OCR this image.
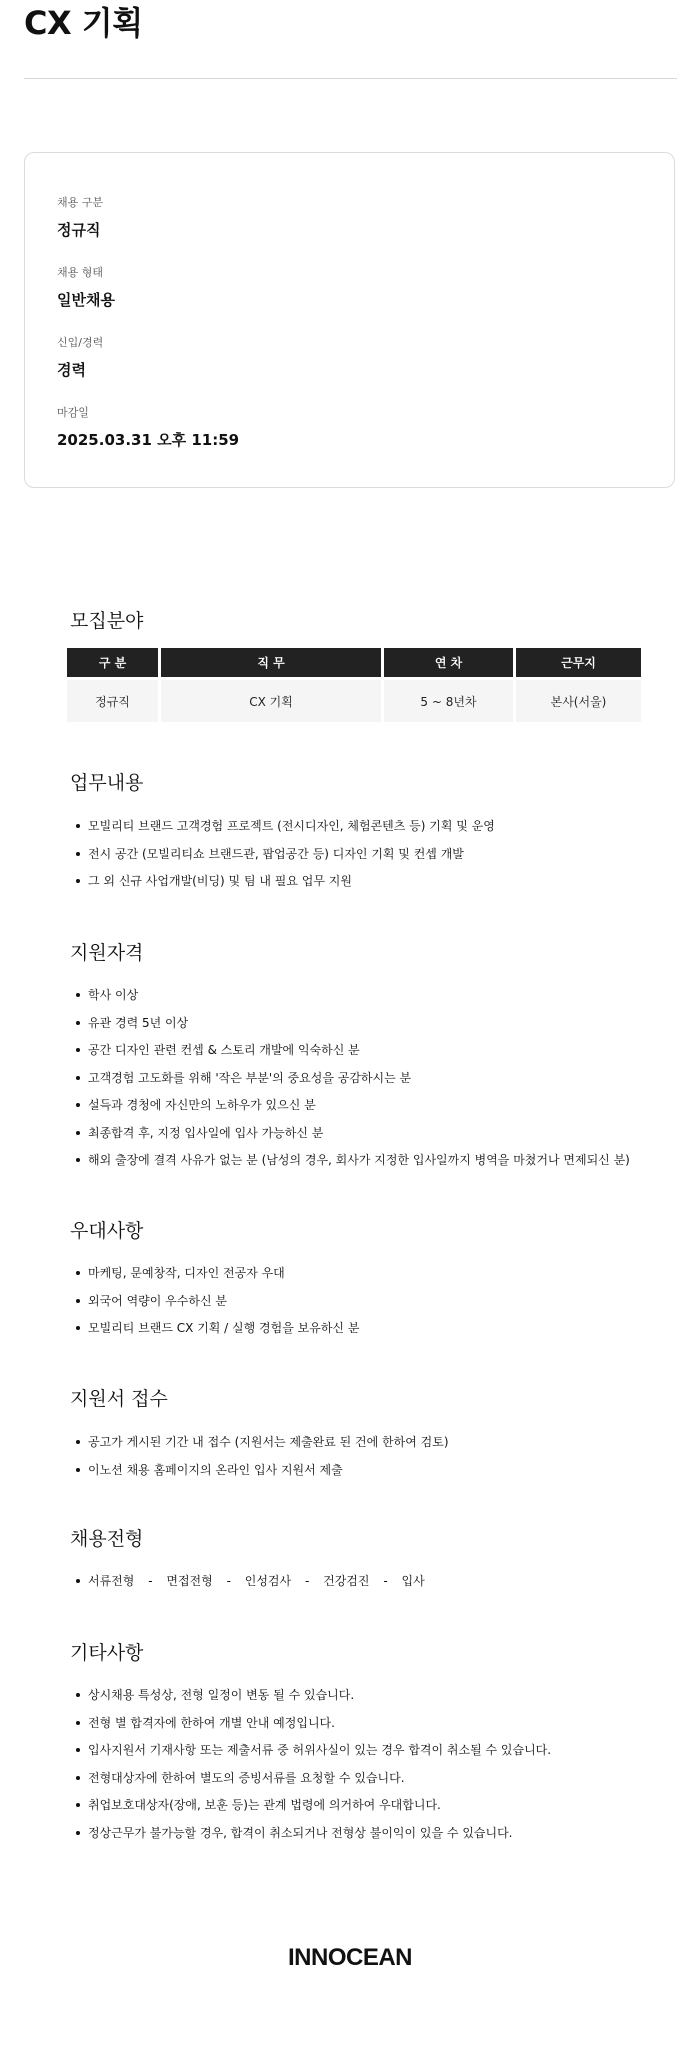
CX 기획
채용 구분
정규직
채용 형태
일반채용
신입/경력
경력
마감일
2025.03.31 오후 11:59
모집분야
구 분	직 무	연 차	근무지
정규직	CX 기획	5 ~ 8년차	본사(서울)
업무내용
모빌리티 브랜드 고객경험 프로젝트 (전시디자인, 체험콘텐츠 등) 기획 및 운영
전시 공간 (모빌리티쇼 브랜드관, 팝업공간 등) 디자인 기획 및 컨셉 개발
그 외 신규 사업개발(비딩) 및 팀 내 필요 업무 지원
지원자격
학사 이상
유관 경력 5년 이상
공간 디자인 관련 컨셉 & 스토리 개발에 익숙하신 분
고객경험 고도화를 위해 '작은 부분'의 중요성을 공감하시는 분
설득과 경청에 자신만의 노하우가 있으신 분
최종합격 후, 지정 입사일에 입사 가능하신 분
해외 출장에 결격 사유가 없는 분 (남성의 경우, 회사가 지정한 입사일까지 병역을 마쳤거나 면제되신 분)
우대사항
마케팅, 문예창작, 디자인 전공자 우대
외국어 역량이 우수하신 분
모빌리티 브랜드 CX 기획 / 실행 경험을 보유하신 분
지원서 접수
공고가 게시된 기간 내 접수 (지원서는 제출완료 된 건에 한하여 검토)
이노션 채용 홈페이지의 온라인 입사 지원서 제출
채용전형
서류전형 - 면접전형 - 인성검사 - 건강검진 - 입사
기타사항
상시채용 특성상, 전형 일정이 변동 될 수 있습니다.
전형 별 합격자에 한하여 개별 안내 예정입니다.
입사지원서 기재사항 또는 제출서류 중 허위사실이 있는 경우 합격이 취소될 수 있습니다.
전형대상자에 한하여 별도의 증빙서류를 요청할 수 있습니다.
취업보호대상자(장애, 보훈 등)는 관계 법령에 의거하여 우대합니다.
정상근무가 불가능할 경우, 합격이 취소되거나 전형상 불이익이 있을 수 있습니다.
INNOCEAN
